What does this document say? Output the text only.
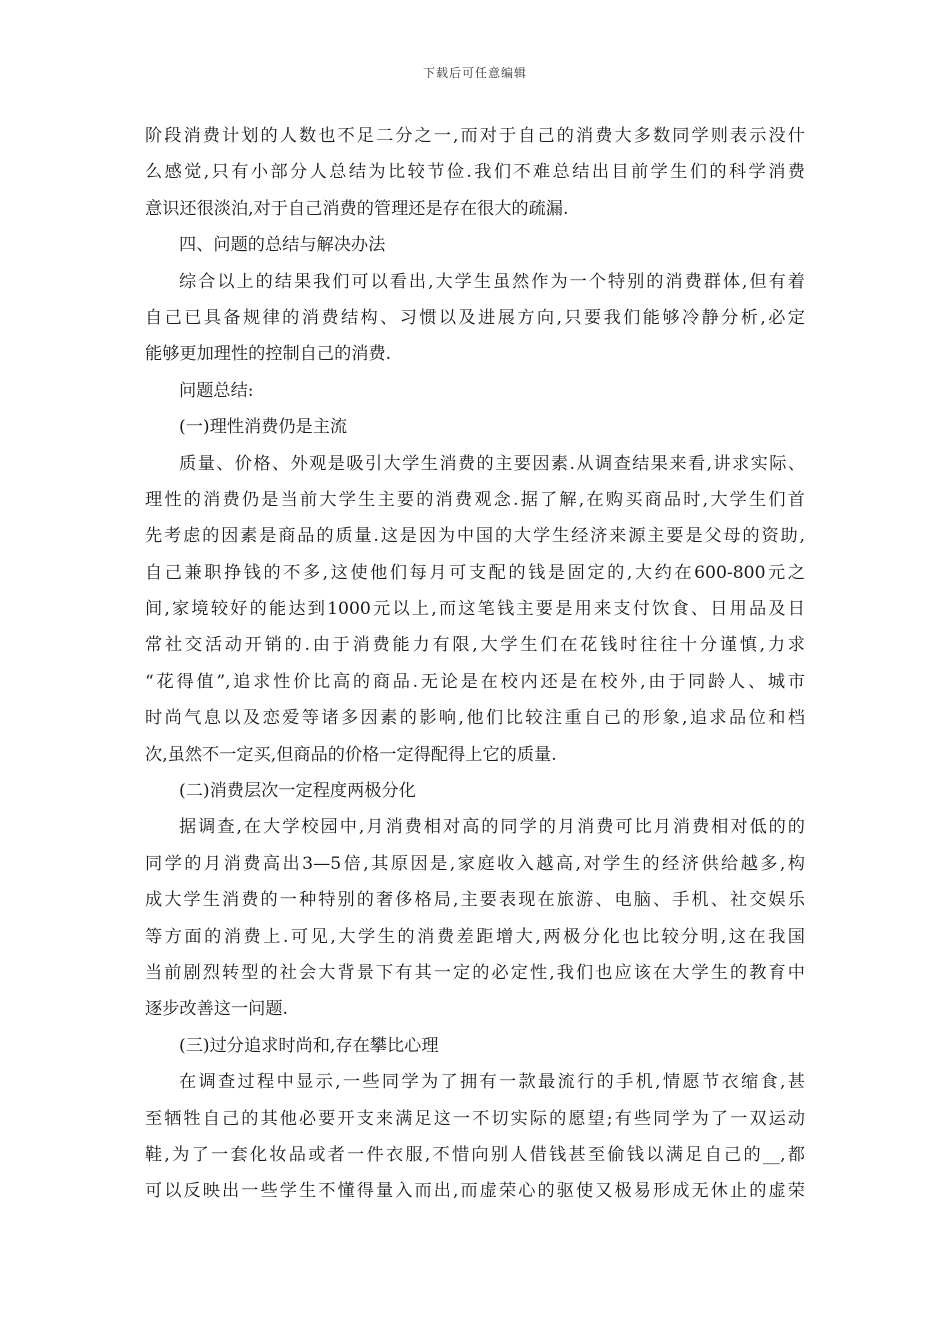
下载后可任意编辑
阶段消费计划的人数也不足二分之一,而对于自己的消费大多数同学则表示没什
么感觉,只有小部分人总结为比较节俭.我们不难总结出目前学生们的科学消费
意识还很淡泊,对于自己消费的管理还是存在很大的疏漏.
四、问题的总结与解决办法
综合以上的结果我们可以看出,大学生虽然作为一个特别的消费群体,但有着
自己已具备规律的消费结构、习惯以及进展方向,只要我们能够冷静分析,必定
能够更加理性的控制自己的消费.
问题总结:
(一)理性消费仍是主流
质量、价格、外观是吸引大学生消费的主要因素.从调查结果来看,讲求实际、
理性的消费仍是当前大学生主要的消费观念.据了解,在购买商品时,大学生们首
先考虑的因素是商品的质量.这是因为中国的大学生经济来源主要是父母的资助,
自己兼职挣钱的不多,这使他们每月可支配的钱是固定的,大约在600-800元之
间,家境较好的能达到1000元以上,而这笔钱主要是用来支付饮食、日用品及日
常社交活动开销的.由于消费能力有限,大学生们在花钱时往往十分谨慎,力求
“花得值”,追求性价比高的商品.无论是在校内还是在校外,由于同龄人、城市
时尚气息以及恋爱等诸多因素的影响,他们比较注重自己的形象,追求品位和档
次,虽然不一定买,但商品的价格一定得配得上它的质量.
(二)消费层次一定程度两极分化
据调查,在大学校园中,月消费相对高的同学的月消费可比月消费相对低的的
同学的月消费高出3—5倍,其原因是,家庭收入越高,对学生的经济供给越多,构
成大学生消费的一种特别的奢侈格局,主要表现在旅游、电脑、手机、社交娱乐
等方面的消费上.可见,大学生的消费差距增大,两极分化也比较分明,这在我国
当前剧烈转型的社会大背景下有其一定的必定性,我们也应该在大学生的教育中
逐步改善这一问题.
(三)过分追求时尚和,存在攀比心理
在调查过程中显示,一些同学为了拥有一款最流行的手机,情愿节衣缩食,甚
至牺牲自己的其他必要开支来满足这一不切实际的愿望;有些同学为了一双运动
鞋,为了一套化妆品或者一件衣服,不惜向别人借钱甚至偷钱以满足自己的__,都
可以反映出一些学生不懂得量入而出,而虚荣心的驱使又极易形成无休止的虚荣
